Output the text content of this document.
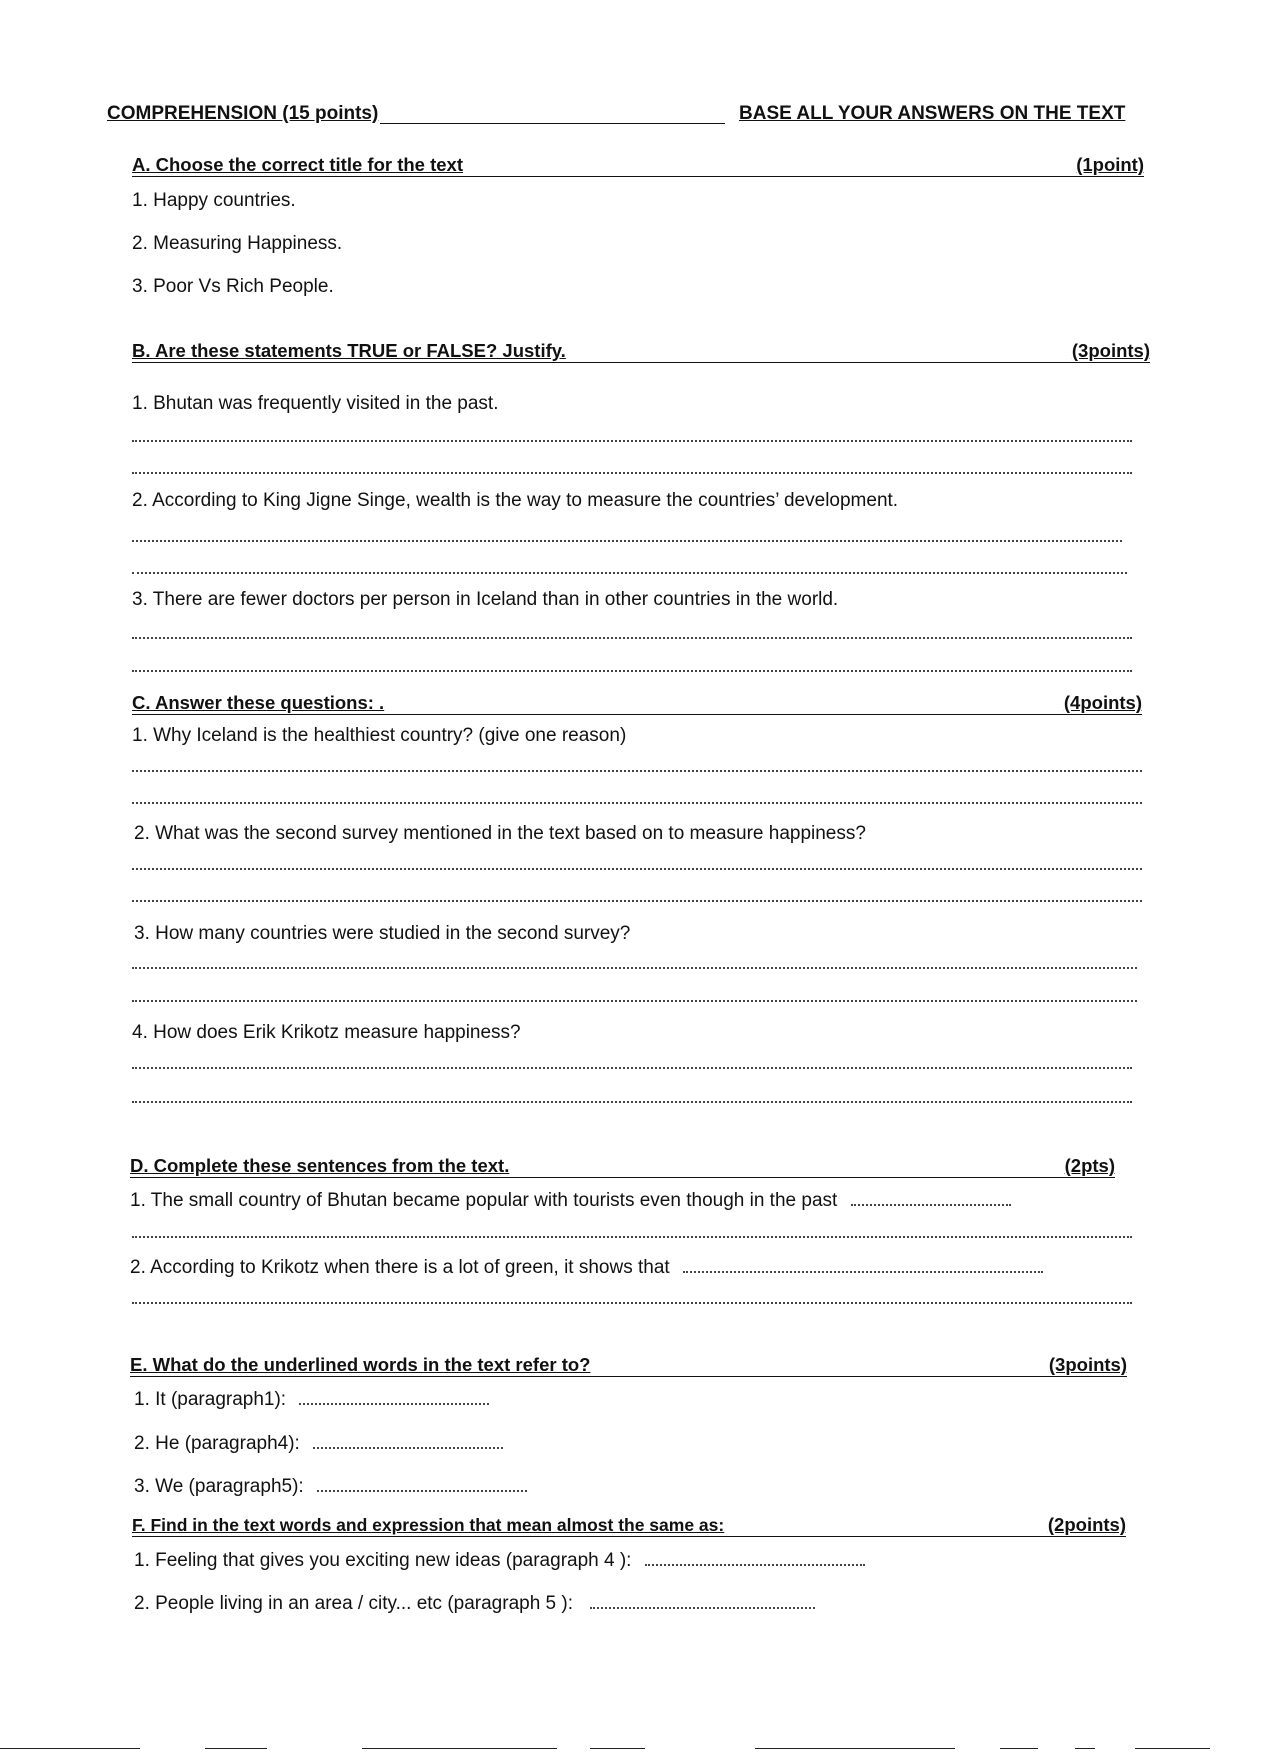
COMPREHENSION (15 points)	BASE ALL YOUR ANSWERS ON THE TEXT
A. Choose the correct title for the text	(1point)
1. Happy countries.
2. Measuring Happiness.
3. Poor Vs Rich People.
B. Are these statements TRUE or FALSE? Justify.	(3points)
1. Bhutan was frequently visited in the past.
2. According to King Jigne Singe, wealth is the way to measure the countries’ development.
3. There are fewer doctors per person in Iceland than in other countries in the world.
C. Answer these questions: .	(4points)
1. Why Iceland is the healthiest country? (give one reason)
2. What was the second survey mentioned in the text based on to measure happiness?
3. How many countries were studied in the second survey?
4. How does Erik Krikotz measure happiness?
D. Complete these sentences from the text.	(2pts)
1. The small country of Bhutan became popular with tourists even though in the past
2. According to Krikotz when there is a lot of green, it shows that
E. What do the underlined words in the text refer to?	(3points)
1. It (paragraph1):
2. He (paragraph4):
3. We (paragraph5):
F. Find in the text words and expression that mean almost the same as:	(2points)
1. Feeling that gives you exciting new ideas (paragraph 4 ):
2. People living in an area / city... etc (paragraph 5 ):
